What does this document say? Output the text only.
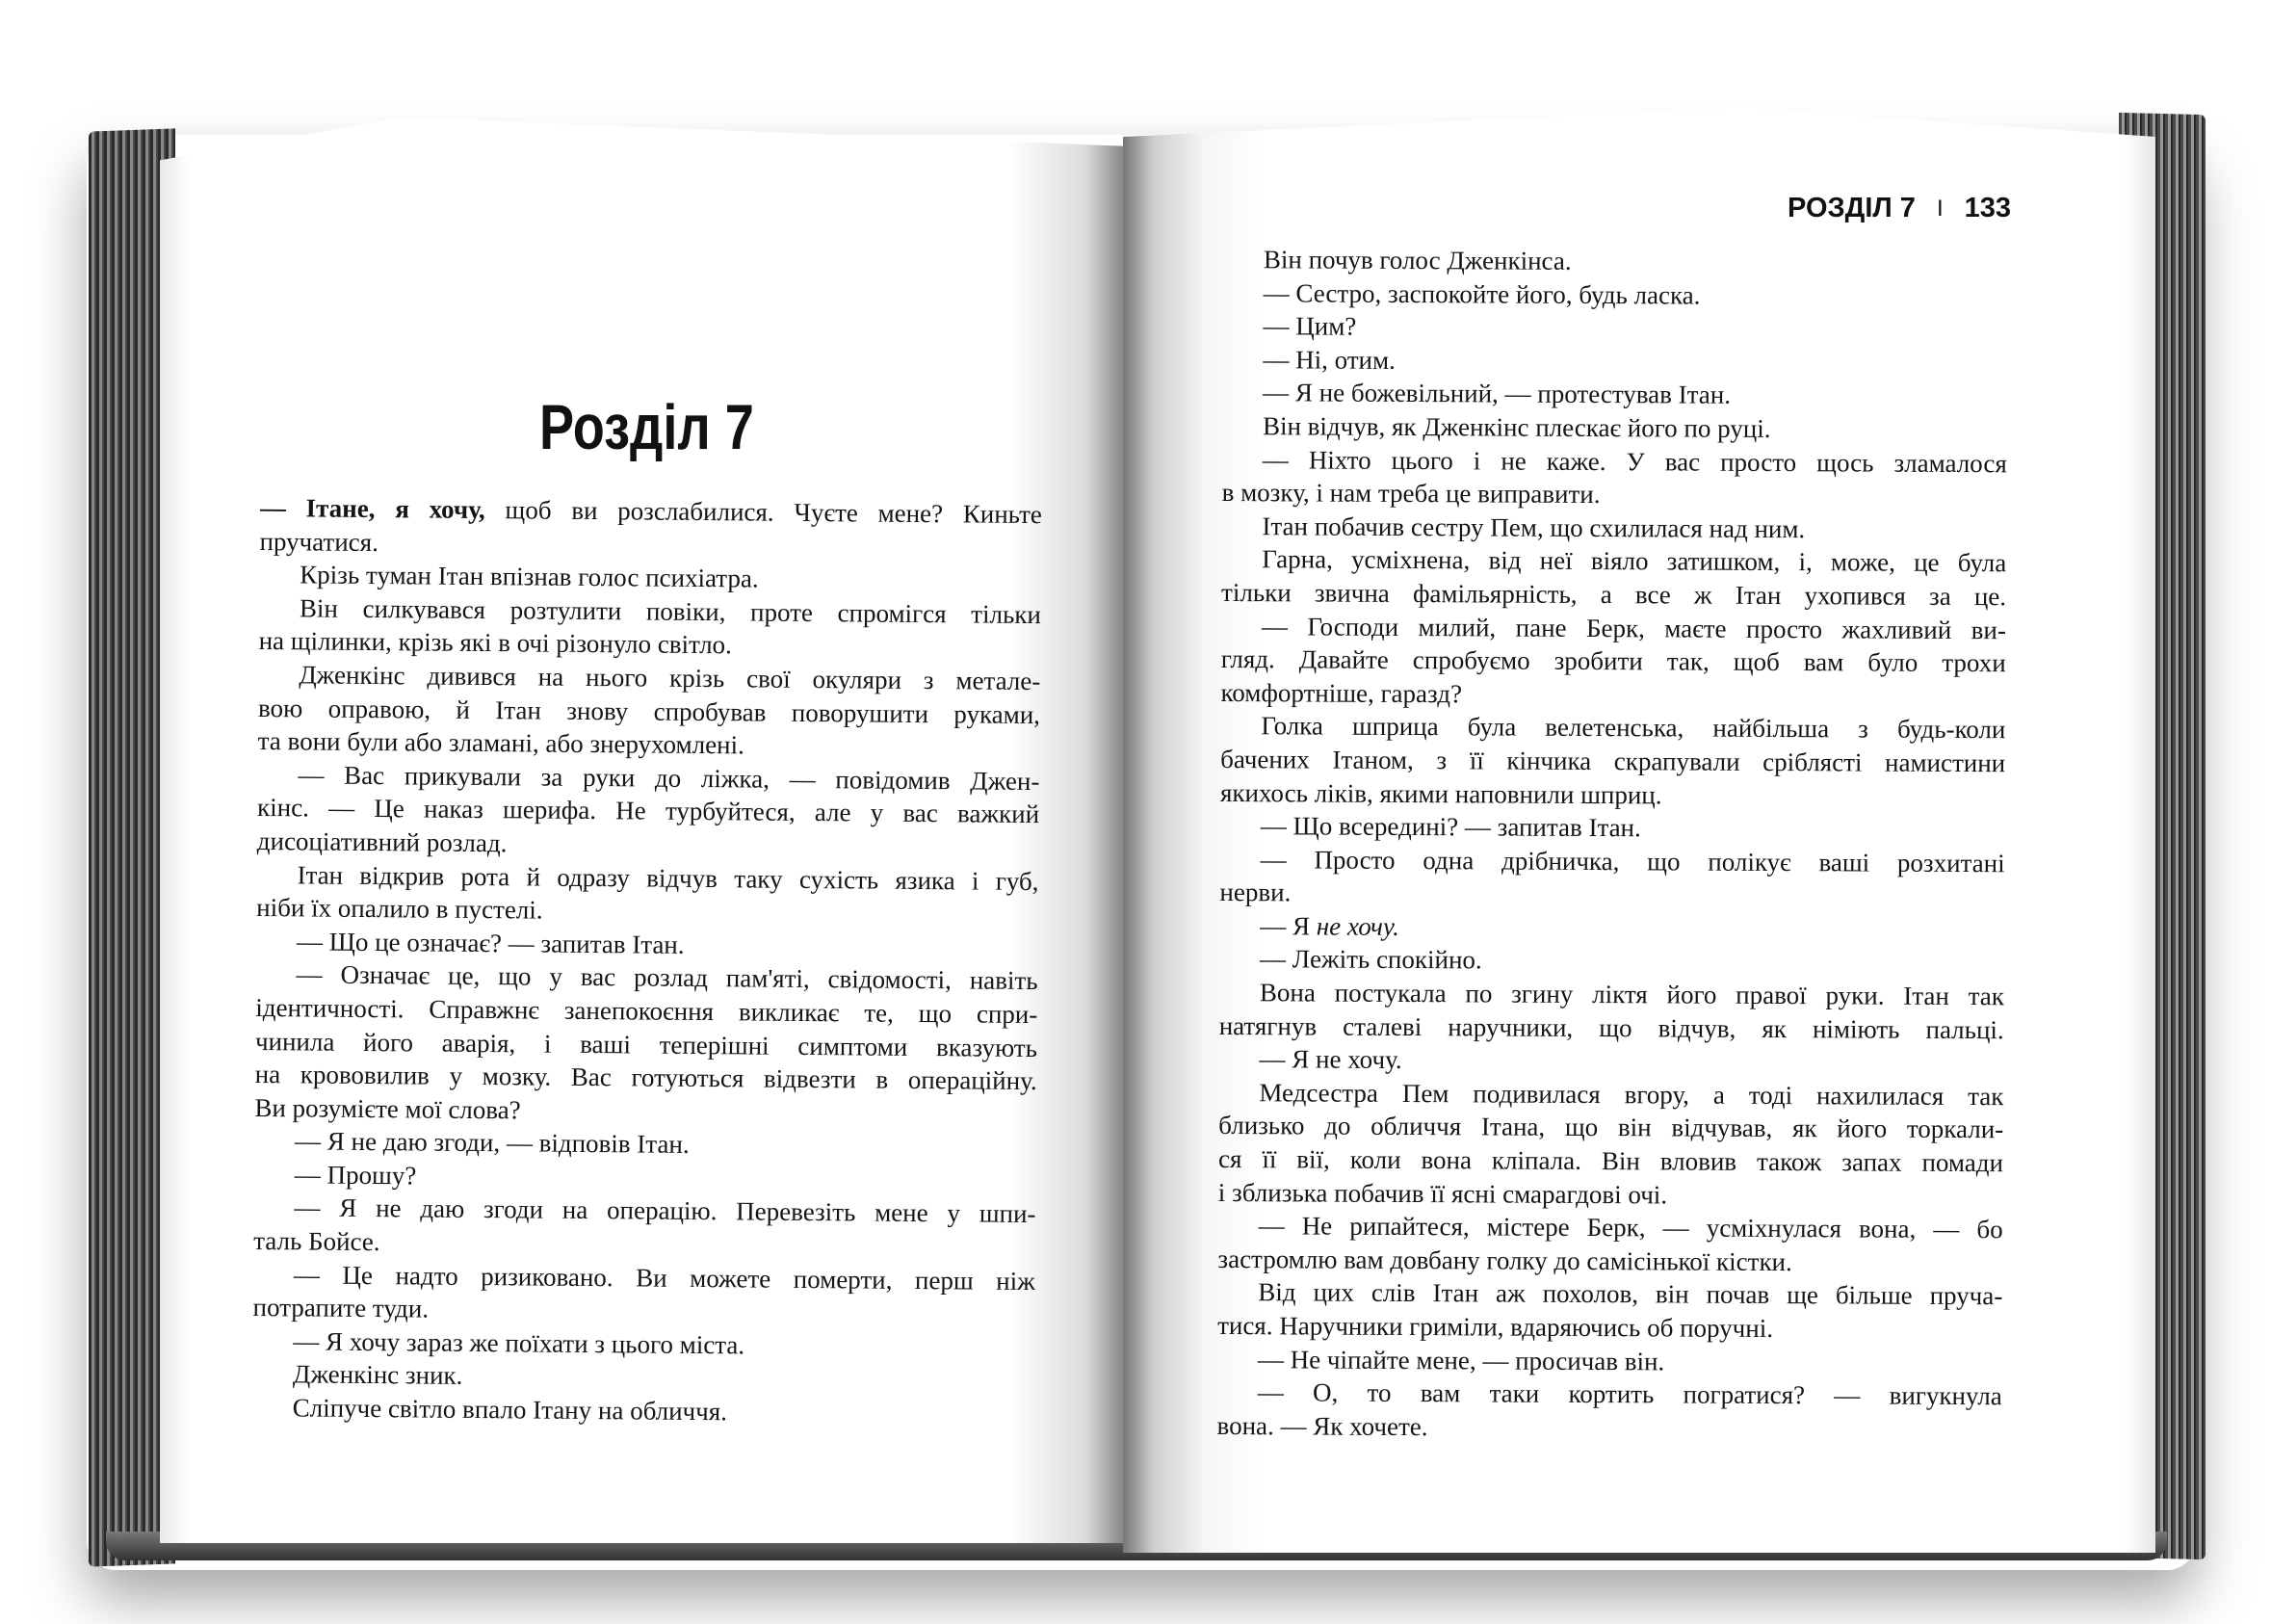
Розділ 7
РОЗДІЛ 7 I 133
— Ітане, я хочу, щоб ви розслабилися. Чуєте мене? Киньте
пручатися.
Крізь туман Ітан впізнав голос психіатра.
Він силкувався розтулити повіки, проте спромігся тільки
на щілинки, крізь які в очі різонуло світло.
Дженкінс дивився на нього крізь свої окуляри з метале-
вою оправою, й Ітан знову спробував поворушити руками,
та вони були або зламані, або знерухомлені.
— Вас прикували за руки до ліжка, — повідомив Джен-
кінс. — Це наказ шерифа. Не турбуйтеся, але у вас важкий
дисоціативний розлад.
Ітан відкрив рота й одразу відчув таку сухість язика і губ,
ніби їх опалило в пустелі.
— Що це означає? — запитав Ітан.
— Означає це, що у вас розлад пам'яті, свідомості, навіть
ідентичності. Справжнє занепокоєння викликає те, що спри-
чинила його аварія, і ваші теперішні симптоми вказують
на крововилив у мозку. Вас готуються відвезти в операційну.
Ви розумієте мої слова?
— Я не даю згоди, — відповів Ітан.
— Прошу?
— Я не даю згоди на операцію. Перевезіть мене у шпи-
таль Бойсе.
— Це надто ризиковано. Ви можете померти, перш ніж
потрапите туди.
— Я хочу зараз же поїхати з цього міста.
Дженкінс зник.
Сліпуче світло впало Ітану на обличчя.
Він почув голос Дженкінса.
— Сестро, заспокойте його, будь ласка.
— Цим?
— Ні, отим.
— Я не божевільний, — протестував Ітан.
Він відчув, як Дженкінс плескає його по руці.
— Ніхто цього і не каже. У вас просто щось зламалося
в мозку, і нам треба це виправити.
Ітан побачив сестру Пем, що схилилася над ним.
Гарна, усміхнена, від неї віяло затишком, і, може, це була
тільки звична фамільярність, а все ж Ітан ухопився за це.
— Господи милий, пане Берк, маєте просто жахливий ви-
гляд. Давайте спробуємо зробити так, щоб вам було трохи
комфортніше, гаразд?
Голка шприца була велетенська, найбільша з будь-коли
бачених Ітаном, з її кінчика скрапували сріблясті намистини
якихось ліків, якими наповнили шприц.
— Що всередині? — запитав Ітан.
— Просто одна дрібничка, що полікує ваші розхитані
нерви.
— Я не хочу.
— Лежіть спокійно.
Вона постукала по згину ліктя його правої руки. Ітан так
натягнув сталеві наручники, що відчув, як німіють пальці.
— Я не хочу.
Медсестра Пем подивилася вгору, а тоді нахилилася так
близько до обличчя Ітана, що він відчував, як його торкали-
ся її вії, коли вона кліпала. Він вловив також запах помади
і зблизька побачив її ясні смарагдові очі.
— Не рипайтеся, містере Берк, — усміхнулася вона, — бо
застромлю вам довбану голку до самісінької кістки.
Від цих слів Ітан аж похолов, він почав ще більше пруча-
тися. Наручники гриміли, вдаряючись об поручні.
— Не чіпайте мене, — просичав він.
— О, то вам таки кортить погратися? — вигукнула
вона. — Як хочете.
